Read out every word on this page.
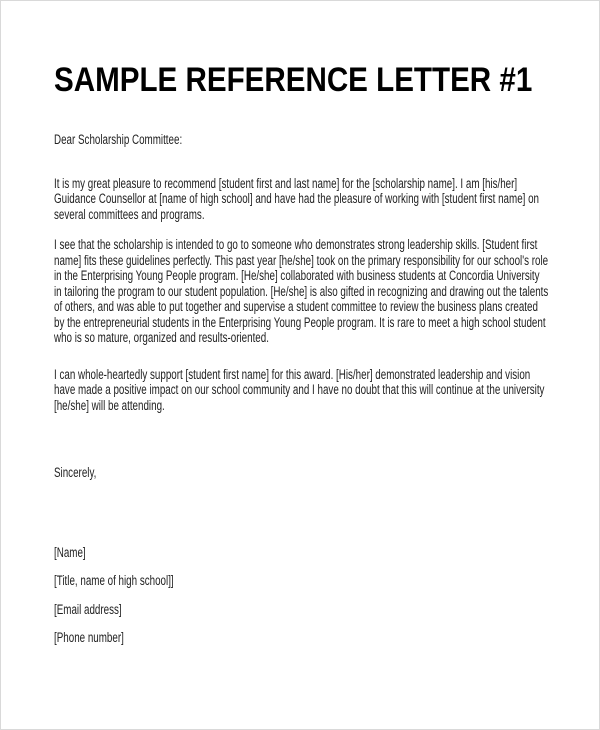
SAMPLE REFERENCE LETTER #1
Dear Scholarship Committee:

It is my great pleasure to recommend [student first and last name] for the [scholarship name]. I am [his/her] Guidance Counsellor at [name of high school] and have had the pleasure of working with [student first name] on several committees and programs.

I see that the scholarship is intended to go to someone who demonstrates strong leadership skills. [Student first name] fits these guidelines perfectly. This past year [he/she] took on the primary responsibility for our school's role in the Enterprising Young People program. [He/she] collaborated with business students at Concordia University in tailoring the program to our student population. [He/she] is also gifted in recognizing and drawing out the talents of others, and was able to put together and supervise a student committee to review the business plans created by the entrepreneurial students in the Enterprising Young People program. It is rare to meet a high school student who is so mature, organized and results-oriented.

I can whole-heartedly support [student first name] for this award. [His/her] demonstrated leadership and vision have made a positive impact on our school community and I have no doubt that this will continue at the university [he/she] will be attending.

Sincerely,
[Name]
[Title, name of high school]]
[Email address]
[Phone number]
